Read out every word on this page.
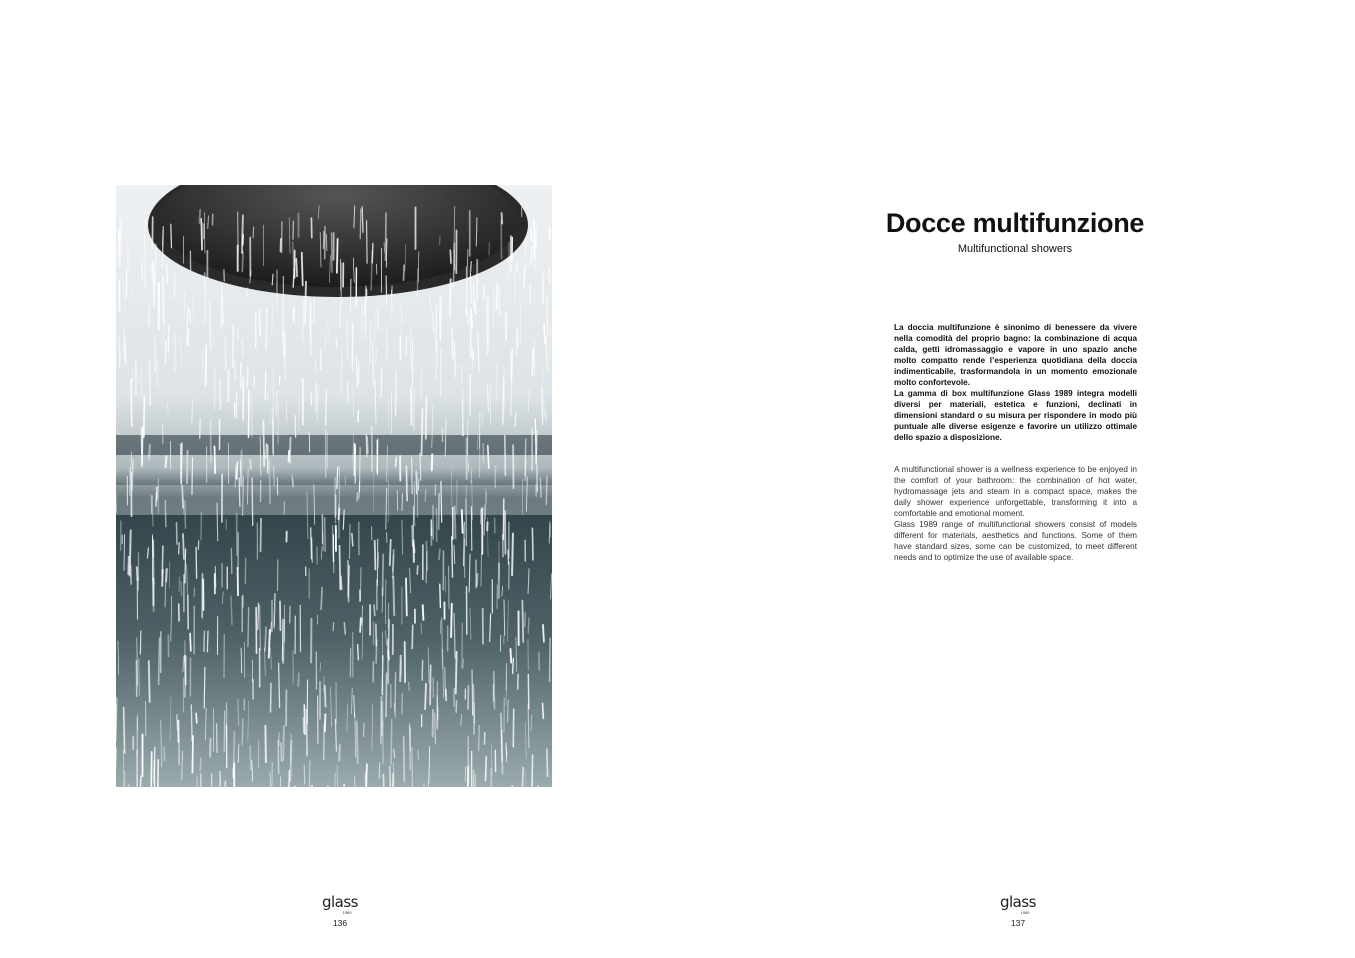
glass
1989
136
Docce multifunzione

Multifunctional showers

La doccia multifunzione è sinonimo di benessere da vivere nella comodità del proprio bagno: la combinazione di acqua calda, getti idromassaggio e vapore in uno spazio anche molto compatto rende l’esperienza quotidiana della doccia indimenticabile, trasformandola in un momento emozionale molto confortevole.

La gamma di box multifunzione Glass 1989 integra modelli diversi per materiali, estetica e funzioni, declinati in dimensioni standard o su misura per rispondere in modo più puntuale alle diverse esigenze e favorire un utilizzo ottimale dello spazio a disposizione.

A multifunctional shower is a wellness experience to be enjoyed in the comfort of your bathroom: the combination of hot water, hydromassage jets and steam in a compact space, makes the daily shower experience unforgettable, transforming it into a comfortable and emotional moment.

Glass 1989 range of multifunctional showers consist of models different for materials, aesthetics and functions. Some of them have standard sizes, some can be customized, to meet different needs and to optimize the use of available space.

glass
1989
137
